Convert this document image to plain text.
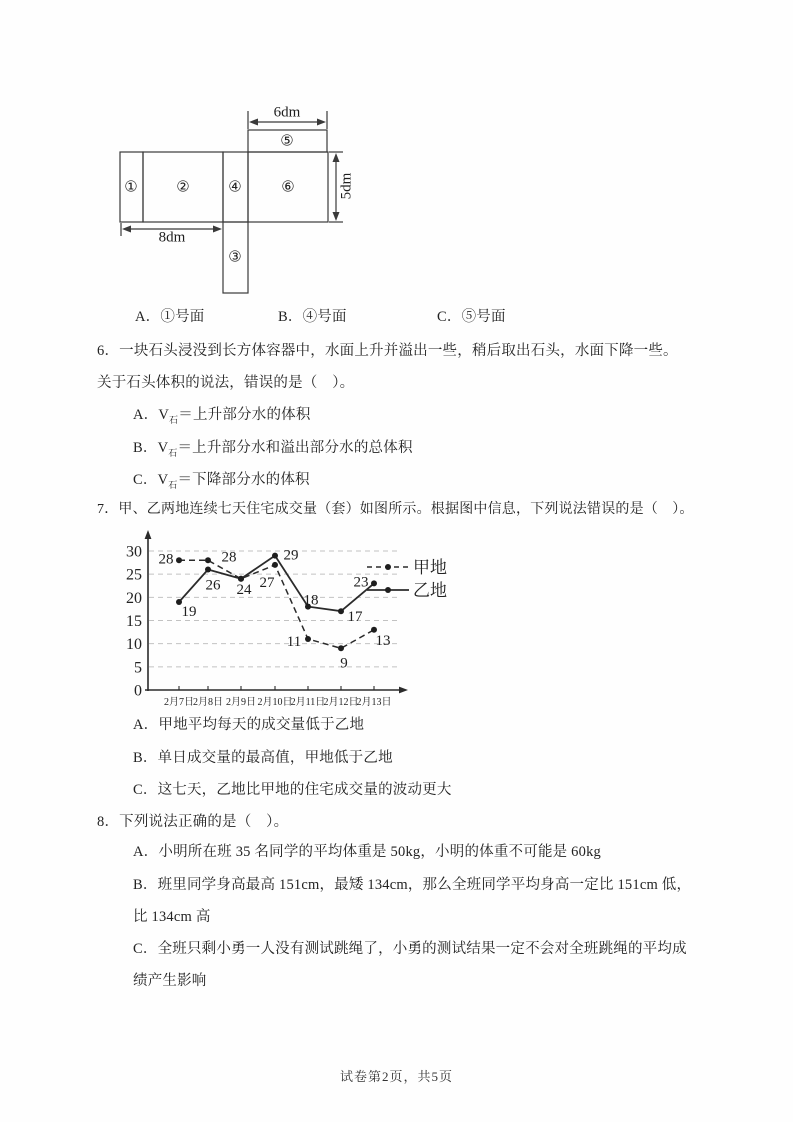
①	②
③
④
⑤
⑥
6dm
5dm
8dm
A．①号面	B．④号面	C．⑤号面
6．一块石头浸没到长方体容器中，水面上升并溢出一些，稍后取出石头，水面下降一些。
关于石头体积的说法，错误的是（　）。
A．$V_石=$上升部分水的体积
B．$V_石=$上升部分水和溢出部分水的总体积
C．$V_石=$下降部分水的体积
7．甲、乙两地连续七天住宅成交量（套）如图所示。根据图中信息，下列说法错误的是（　）。
0
5
10
15
20
25
30
2月7日 2月8日 2月9日 2月10日
2月11日
2月12日
2月13日
28	28
24 27
11
9
13
19
26
29
18
17
23
甲地
乙地
A．甲地平均每天的成交量低于乙地
B．单日成交量的最高值，甲地低于乙地
C．这七天，乙地比甲地的住宅成交量的波动更大
8．下列说法正确的是（　）。
A．小明所在班 35 名同学的平均体重是 50kg，小明的体重不可能是 60kg
B．班里同学身高最高 151cm，最矮 134cm，那么全班同学平均身高一定比 151cm 低，
比 134cm 高
C．全班只剩小勇一人没有测试跳绳了，小勇的测试结果一定不会对全班跳绳的平均成
绩产生影响
试卷第2页，共5页
